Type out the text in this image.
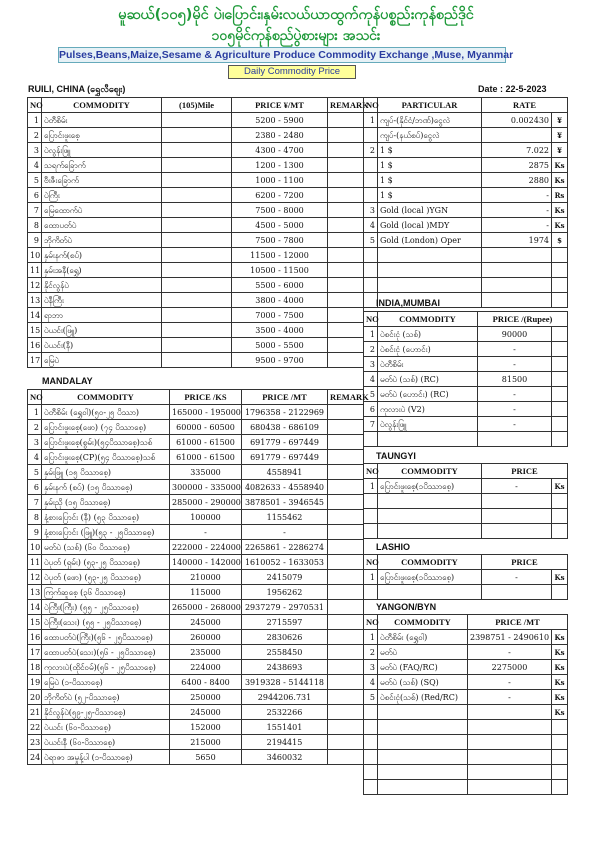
မူဆယ်(၁၀၅)မိုင် ပဲ၊ပြောင်း၊နှမ်းလယ်ယာထွက်ကုန်ပစ္စည်းကုန်စည်ဒိုင်
၁၀၅မိုင်ကုန်စည်ပွဲစားများ အသင်း
Pulses,Beans,Maize,Sesame & Agriculture Produce Commodity Exchange ,Muse, Myanmar
Daily Commodity Price
RUILI, CHINA (ရွှေလီဈေး)	Date : 22-5-2023
NO	COMMODITY	(105)Mile	PRICE ¥/MT	REMARK
1	ပဲတီစိမ်း		5200 - 5900	
2	ပြောင်းဖူးစေ့		2380 - 2480	
3	ပဲလွန်းဖြူ		4300 - 4700	
4	သရက်ခြောက်		1200 - 1300	
5	ဗီးဇီးခြောက်		1000 - 1100	
6	ပဲကြီး		6200 - 7200	
7	မြေထောက်ပဲ		7500 - 8000	
8	ထောပတ်ပဲ		4500 - 5000	
9	ဘိုကိတ်ပဲ		7500 - 7800	
10	နှမ်းနက်(စပ်)		11500 - 12000	
11	နှမ်းအနီ(ရွှေ)		10500 - 11500	
12	နိုင်လွန်ပဲ		5500 - 6000	
13	ပဲနီကြီး		3800 - 4000	
14	ရာဘာ		7000 - 7500	
15	ပဲယင်း(ဖြူ)		3500 - 4000	
16	ပဲယင်း(နီ)		5000 - 5500	
17	မြေပဲ		9500 - 9700	
NO	PARTICULAR	RATE	
1	ကျပ်-(နိုင်ငံ/ဘဏ်)ငွေလဲ	0.002430	¥
	ကျပ်-(နယ်စပ်)ငွေလဲ		¥
2	1 $	7.022	¥
	1 $	2875	Ks
	1 $	2880	Ks
	1 $	-	Rs
3	Gold (local )YGN	-	Ks
4	Gold (local )MDY	-	Ks
5	Gold (London) Oper	1974	$

INDIA,MUMBAI
NO	COMMODITY	PRICE /(Rupee)	
1	ပဲစင်းငုံ (သစ်)	90000	
2	ပဲစင်းငုံ (ဟောင်း)	-	
3	ပဲတီစိမ်း	-	
4	မတ်ပဲ (သစ်) (RC)	81500	
5	မတ်ပဲ (ဟောင်း) (RC)	-	
6	ကုလားပဲ (V2)	-	
7	ပဲလွန်းဖြူ	-	

MANDALAY
NO	COMMODITY	PRICE /KS	PRICE /MT	REMARK
1	ပဲတီစိမ်း (ရွှေဝါ)(၅၀-၂၅ ပိဿာ)	165000 - 195000	1796358 - 2122969	
2	ပြောင်းဖူးစေ့(ဖော) (၇၄ ပိဿာစေ့)	60000 - 60500	680438 - 686109	
3	ပြောင်းဖူးစေ့(စွမ်း)(၅၄ပိဿာစေ့)သစ်	61000 - 61500	691779 - 697449	
4	ပြောင်းဖူးစေ့(CP)(၅၄ ပိဿာစေ့)သစ်	61000 - 61500	691779 - 697449	
5	နှမ်းဖြူ (၁၅ ပိဿာစေ့)	335000	4558941	
6	နှမ်းနက် (စပ်) (၁၅ ပိဿာစေ့)	300000 - 335000	4082633 - 4558940	
7	နှမ်းညို (၁၅ ပိဿာစေ့)	285000 - 290000	3878501 - 3946545	
8	နံ့စားပြောင်း (နီ) (၅၃ ပိဿာစေ့)	100000	1155462	
9	နံ့စားပြောင်း (ဖြူ)(၅၃ - ၂၅ပိဿာစေ့)	-	-	
10	မတ်ပဲ (သစ်) (၆၀ ပိဿာစေ့)	222000 - 224000	2265861 - 2286274	
11	ပဲပုတ် (ရှမ်း) (၅၃-၂၅ ပိဿာစေ့)	140000 - 142000	1610052 - 1633053	
12	ပဲပုတ် (ဖော) (၅၃-၂၅ ပိဿာစေ့)	210000	2415079	
13	ကြက်ဆူစေ့ (၃၆ ပိဿာစေ့)	115000	1956262	
14	ပဲကြီး(ကြီး) (၅၅ - ၂၅ပိဿာစေ့)	265000 - 268000	2937279 - 2970531	
15	ပဲကြီး(သေး) (၅၅ - ၂၅ပိဿာစေ့)	245000	2715597	
16	ထောပတ်ပဲ(ကြီး)(၅၆ - ၂၅ပိဿာစေ့)	260000	2830626	
17	ထောပတ်ပဲ(သေး)(၅၆ - ၂၅ပိဿာစေ့)	235000	2558450	
18	ကုလားပဲ(ထိုင်ဝမ်)(၅၆ - ၂၅ပိဿာစေ့)	224000	2438693	
19	မြေပဲ (၁-ပိဿာစေ့)	6400 - 8400	3919328 - 5144118	
20	ဘိုကိတ်ပဲ (၅၂-ပိဿာစေ့)	250000	2944206.731	
21	နိုင်လွန်ပဲ(၅၉-၂၅-ပိဿာစေ့)	245000	2532266	
22	ပဲယင်း (၆၀-ပိဿာစေ့)	152000	1551401	
23	ပဲယင်းနီ (၆၀-ပိဿာစေ့)	215000	2194415	
24	ပဲရာဇာ အမှုန့်ပါ (၁-ပိဿာစေ့)	5650	3460032	
TAUNGYI
NO	COMMODITY	PRICE	
1	ပြောင်းဖူးစေ့(၁ပိဿာစေ့)	-	Ks

LASHIO
NO	COMMODITY	PRICE	
1	ပြောင်းဖူးစေ့(၁ပိဿာစေ့)	-	Ks

YANGON/BYN
NO	COMMODITY	PRICE /MT	
1	ပဲတီစိမ်း (ရွှေဝါ)	2398751 - 2490610	Ks
2	မတ်ပဲ	-	Ks
3	မတ်ပဲ (FAQ/RC)	2275000	Ks
4	မတ်ပဲ (သစ်) (SQ)	-	Ks
5	ပဲစင်းငုံ(သစ်) (Red/RC)	-	Ks
			Ks
